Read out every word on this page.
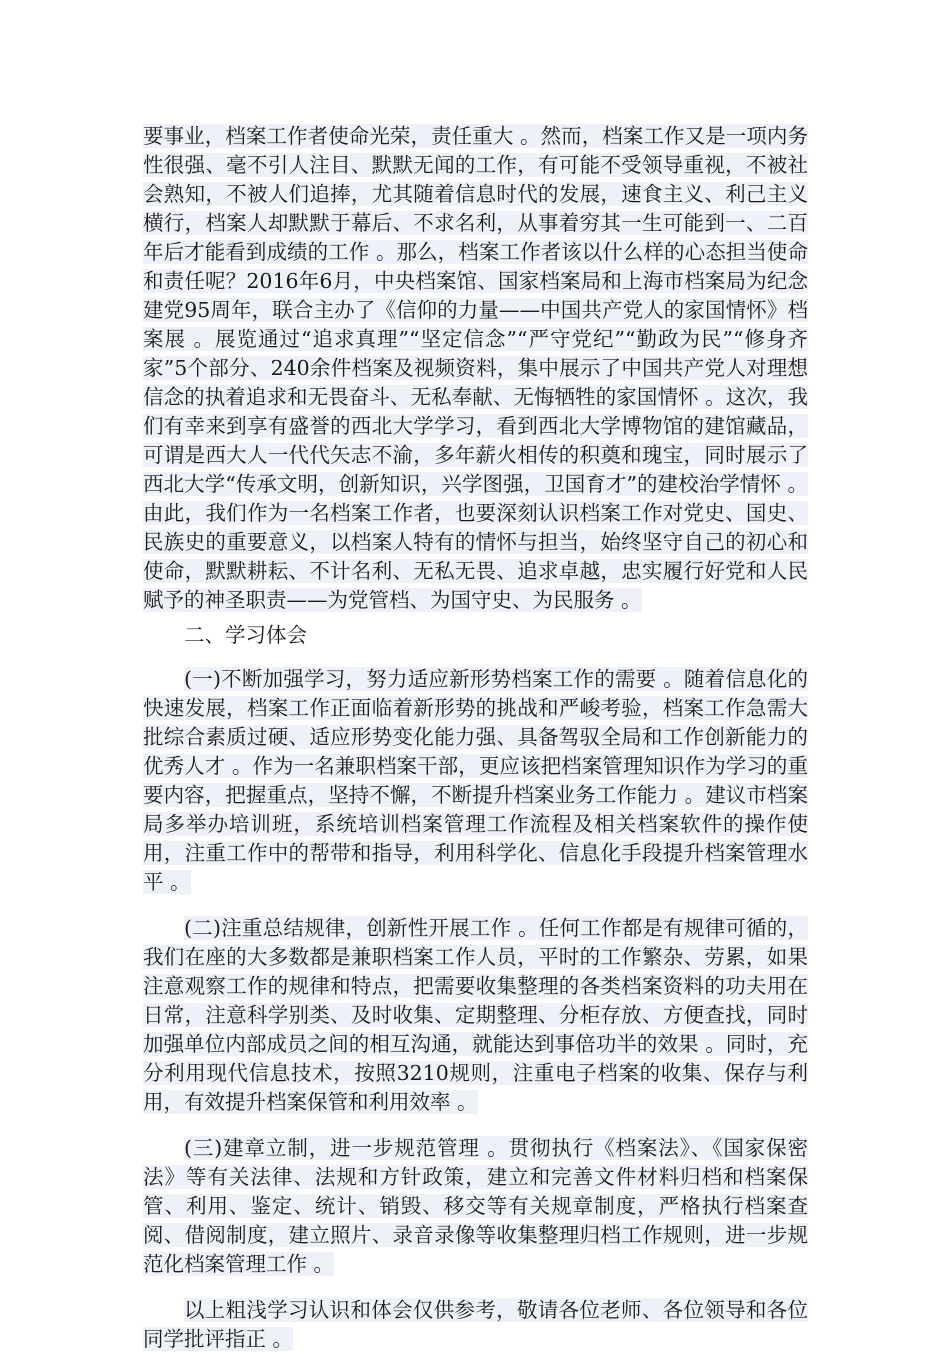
要事业，档案工作者使命光荣，责任重大 。然而，档案工作又是一项内务性很强、毫不引人注目、默默无闻的工作，有可能不受领导重视，不被社会熟知，不被人们追捧，尤其随着信息时代的发展，速食主义、利己主义横行，档案人却默默于幕后、不求名利，从事着穷其一生可能到一、二百年后才能看到成绩的工作 。那么，档案工作者该以什么样的心态担当使命和责任呢？2016年6月，中央档案馆、国家档案局和上海市档案局为纪念建党95周年，联合主办了《信仰的力量——中国共产党人的家国情怀》档案展 。展览通过“追求真理”“坚定信念”“严守党纪”“勤政为民”“修身齐家”5个部分、240余件档案及视频资料，集中展示了中国共产党人对理想信念的执着追求和无畏奋斗、无私奉献、无悔牺牲的家国情怀 。这次，我们有幸来到享有盛誉的西北大学学习，看到西北大学博物馆的建馆藏品，可谓是西大人一代代矢志不渝，多年薪火相传的积奠和瑰宝，同时展示了西北大学“传承文明，创新知识，兴学图强，卫国育才”的建校治学情怀 。由此，我们作为一名档案工作者，也要深刻认识档案工作对党史、国史、民族史的重要意义，以档案人特有的情怀与担当，始终坚守自己的初心和使命，默默耕耘、不计名利、无私无畏、追求卓越，忠实履行好党和人民赋予的神圣职责——为党管档、为国守史、为民服务 。

二、学习体会

(一)不断加强学习，努力适应新形势档案工作的需要 。随着信息化的快速发展，档案工作正面临着新形势的挑战和严峻考验，档案工作急需大批综合素质过硬、适应形势变化能力强、具备驾驭全局和工作创新能力的优秀人才 。作为一名兼职档案干部，更应该把档案管理知识作为学习的重要内容，把握重点，坚持不懈，不断提升档案业务工作能力 。建议市档案局多举办培训班，系统培训档案管理工作流程及相关档案软件的操作使用，注重工作中的帮带和指导，利用科学化、信息化手段提升档案管理水平 。

(二)注重总结规律，创新性开展工作 。任何工作都是有规律可循的，我们在座的大多数都是兼职档案工作人员，平时的工作繁杂、劳累，如果注意观察工作的规律和特点，把需要收集整理的各类档案资料的功夫用在日常，注意科学别类、及时收集、定期整理、分柜存放、方便查找，同时加强单位内部成员之间的相互沟通，就能达到事倍功半的效果 。同时，充分利用现代信息技术，按照3210规则，注重电子档案的收集、保存与利用，有效提升档案保管和利用效率 。

(三)建章立制，进一步规范管理 。贯彻执行《档案法》、《国家保密法》等有关法律、法规和方针政策，建立和完善文件材料归档和档案保管、利用、鉴定、统计、销毁、移交等有关规章制度，严格执行档案查阅、借阅制度，建立照片、录音录像等收集整理归档工作规则，进一步规范化档案管理工作 。

以上粗浅学习认识和体会仅供参考，敬请各位老师、各位领导和各位同学批评指正 。
